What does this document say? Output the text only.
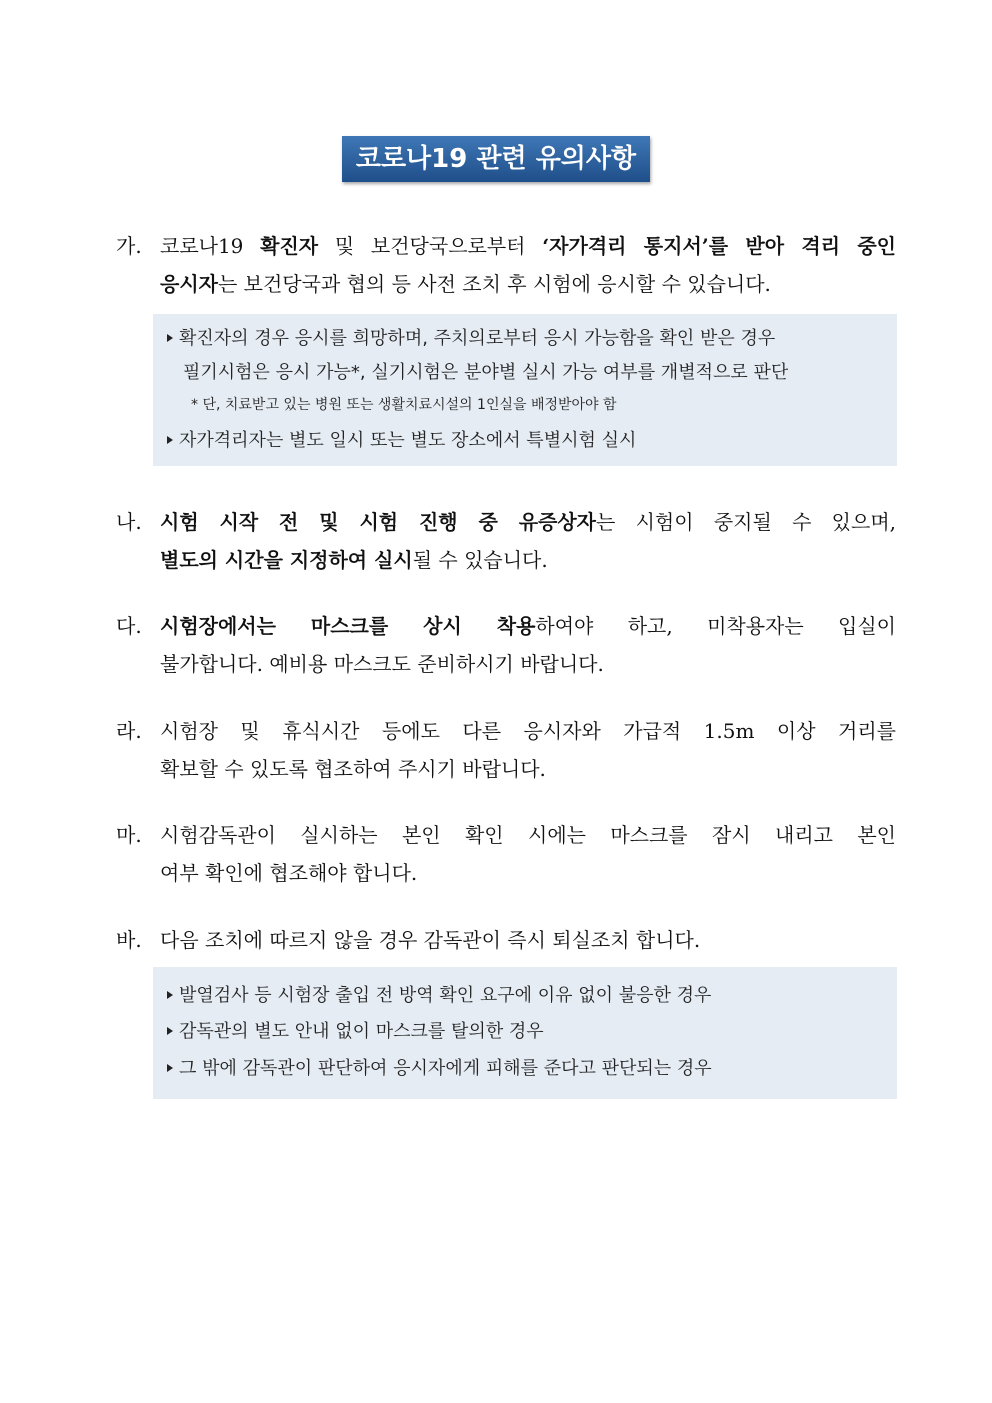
코로나19 관련 유의사항
가. 코로나19 확진자 및 보건당국으로부터 ‘자가격리 통지서’를 받아 격리 중인
응시자는 보건당국과 협의 등 사전 조치 후 시험에 응시할 수 있습니다.
확진자의 경우 응시를 희망하며, 주치의로부터 응시 가능함을 확인 받은 경우
필기시험은 응시 가능*, 실기시험은 분야별 실시 가능 여부를 개별적으로 판단
* 단, 치료받고 있는 병원 또는 생활치료시설의 1인실을 배정받아야 함
자가격리자는 별도 일시 또는 별도 장소에서 특별시험 실시
나. 시험 시작 전 및 시험 진행 중 유증상자는 시험이 중지될 수 있으며,
별도의 시간을 지정하여 실시될 수 있습니다.
다. 시험장에서는 마스크를 상시 착용하여야 하고, 미착용자는 입실이
불가합니다. 예비용 마스크도 준비하시기 바랍니다.
라. 시험장 및 휴식시간 등에도 다른 응시자와 가급적 1.5m 이상 거리를
확보할 수 있도록 협조하여 주시기 바랍니다.
마. 시험감독관이 실시하는 본인 확인 시에는 마스크를 잠시 내리고 본인
여부 확인에 협조해야 합니다.
바. 다음 조치에 따르지 않을 경우 감독관이 즉시 퇴실조치 합니다.
발열검사 등 시험장 출입 전 방역 확인 요구에 이유 없이 불응한 경우
감독관의 별도 안내 없이 마스크를 탈의한 경우
그 밖에 감독관이 판단하여 응시자에게 피해를 준다고 판단되는 경우
